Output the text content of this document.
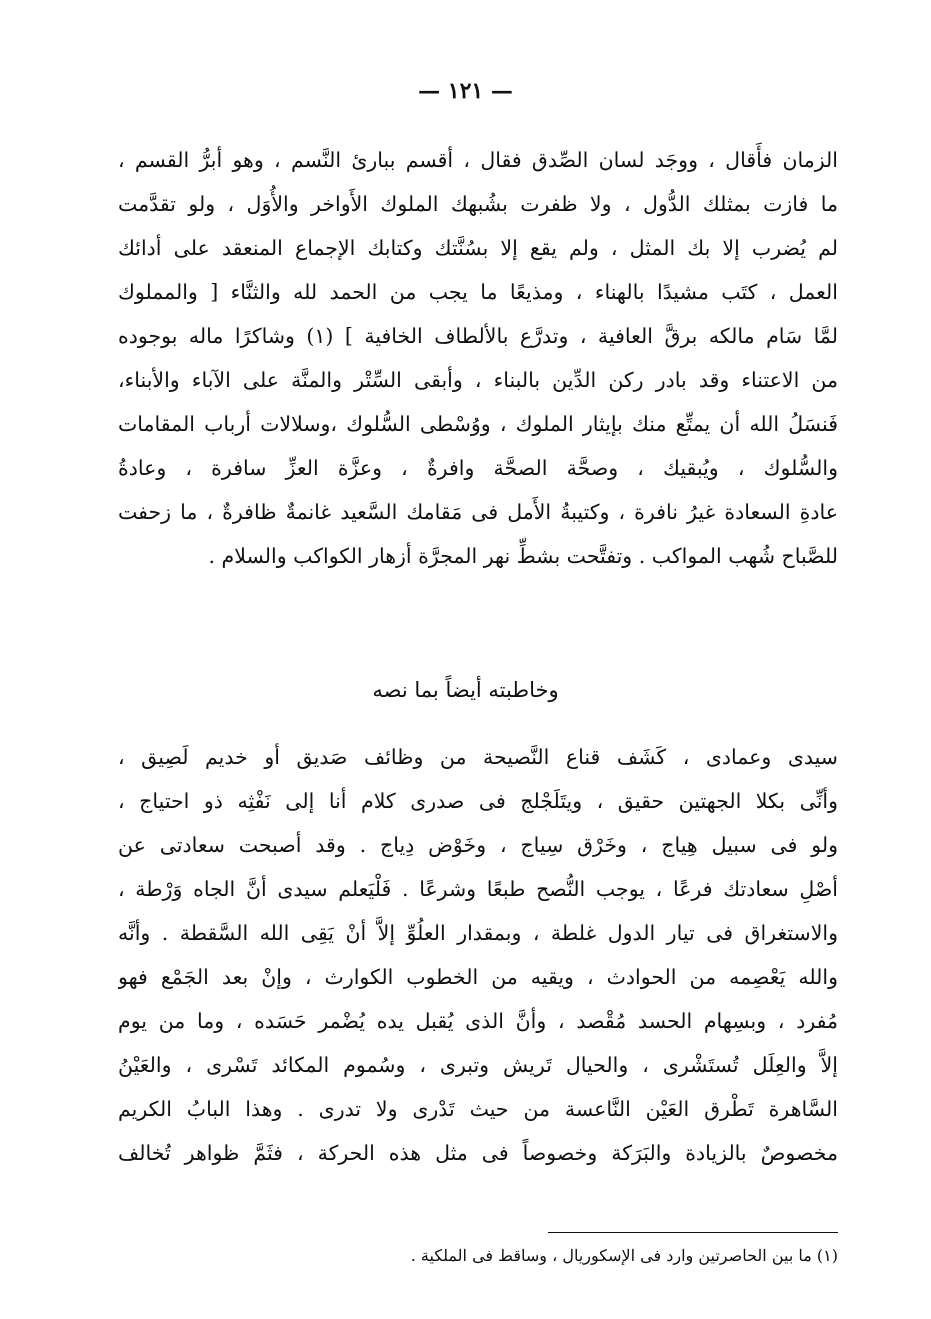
— ١٢١ —
الزمان فأَقال ، ووجَد لسان الصِّدق فقال ، أقسم ببارئ النَّسم ، وهو أبرُّ القسم ،
ما فازت بمثلك الدُّول ، ولا ظفرت بشُبهك الملوك الأَواخر والأُوَل ، ولو تقدَّمت
لم يُضرب إلا بك المثل ، ولم يقع إلا بسُنَّتك وكتابك الإجماع المنعقد على أدائك
العمل ، كتَب مشيدًا بالهناء ، ومذيعًا ما يجب من الحمد لله والثنَّاء [ والمملوك
لمَّا سَام مالكه برقَّ العافية ، وتدرَّع بالألطاف الخافية ] (١) وشاكرًا ماله بوجوده
من الاعتناء وقد بادر ركن الدِّين بالبناء ، وأبقى السِّتْر والمنَّة على الآباء والأبناء،
فَنسَلُ الله أن يمتِّع منك بإيثار الملوك ، ووُسْطى السُّلوك ،وسلالات أرباب المقامات
والسُّلوك ، ويُبقيك ، وصحَّة الصحَّة وافرةٌ ، وعزَّة العزِّ سافرة ، وعادةُ
عادةِ السعادة غيرُ نافرة ، وكتيبةُ الأَمل فى مَقامك السَّعيد غانمةٌ ظافرةٌ ، ما زحفت
للصَّباح شُهب المواكب . وتفتَّحت بشطِّ نهر المجرَّة أزهار الكواكب والسلام .
وخاطبته أيضاً بما نصه
سيدى وعمادى ، كَشَف قناع النَّصيحة من وظائف صَديق أو خديم لَصِيق ،
وأنِّى بكلا الجهتين حقيق ، ويتَلَجْلج فى صدرى كلام أنا إلى نَفْثِه ذو احتياج ،
ولو فى سبيل هِياج ، وخَرْق سِياج ، وخَوْض دِياج . وقد أصبحت سعادتى عن
أصْلِ سعادتك فرعًا ، يوجب النُّصح طبعًا وشرعًا . فَلْيَعلم سيدى أنَّ الجاه وَرْطة ،
والاستغراق فى تيار الدول غلطة ، وبمقدار العلُوِّ إلاَّ أنْ يَقِى الله السَّقطة . وأنَّه
والله يَعْصِمه من الحوادث ، ويقيه من الخطوب الكوارث ، وإنْ بعد الجَمْع فهو
مُفرد ، وبسِهام الحسد مُقْصد ، وأنَّ الذى يُقبل يده يُضْمر حَسَده ، وما من يوم
إلاَّ والعِلَل تُستَشْرى ، والحيال تَريش وتبرى ، وسُموم المكائد تَسْرى ، والعَيْنُ
السَّاهرة تَطْرق العَيْن النَّاعسة من حيث تَدْرى ولا تدرى . وهذا البابُ الكريم
مخصوصٌ بالزيادة والبَرَكة وخصوصاً فى مثل هذه الحركة ، فثَمَّ ظواهر تُخالف
(١) ما بين الحاصرتين وارد فى الإسكوريال ، وساقط فى الملكية .
